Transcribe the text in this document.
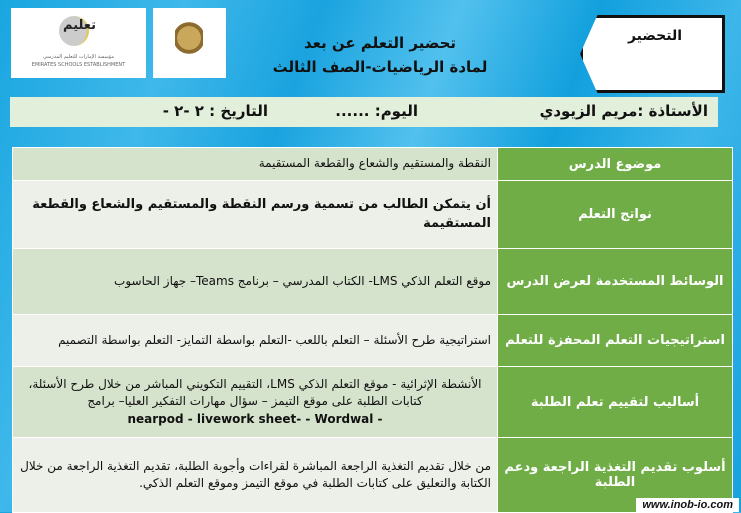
تعليم
مؤسسة الإمارات للتعليم المدرسي
EMIRATES SCHOOLS ESTABLISHMENT
تحضير التعلم عن بعد
لمادة الرياضيات-الصف الثالث
التحضير
الأستاذة :مريم الزيودي
اليوم: ......
التاريخ : ٢ -٢ -
موضوع الدرس	النقطة والمستقيم والشعاع والقطعة المستقيمة
نواتج التعلم	أن يتمكن الطالب من تسمية ورسم النقطة والمستقيم والشعاع والقطعة المستقيمة
الوسائط المستخدمة لعرض الدرس	موقع التعلم الذكي LMS- الكتاب المدرسي – برنامج Teams– جهاز الحاسوب
استراتيجيات التعلم المحفزة للتعلم	استراتيجية طرح الأسئلة – التعلم باللعب -التعلم بواسطة التمايز- التعلم بواسطة التصميم
أساليب لتقييم تعلم الطلبة	الأنشطة الإثرائية - موقع التعلم الذكي LMS، التقييم التكويني المباشر من خلال طرح الأسئلة، كتابات الطلبة على موقع التيمز – سؤال مهارات التفكير العليا– برامج
nearpod - livework sheet- - Wordwal -

أسلوب تقديم التغذية الراجعة ودعم الطلبة	من خلال تقديم التغذية الراجعة المباشرة لقراءات وأجوبة الطلبة، تقديم التغذية الراجعة من خلال الكتابة والتعليق على كتابات الطلبة في موقع التيمز وموقع التعلم الذكي.
www.inob-io.com
